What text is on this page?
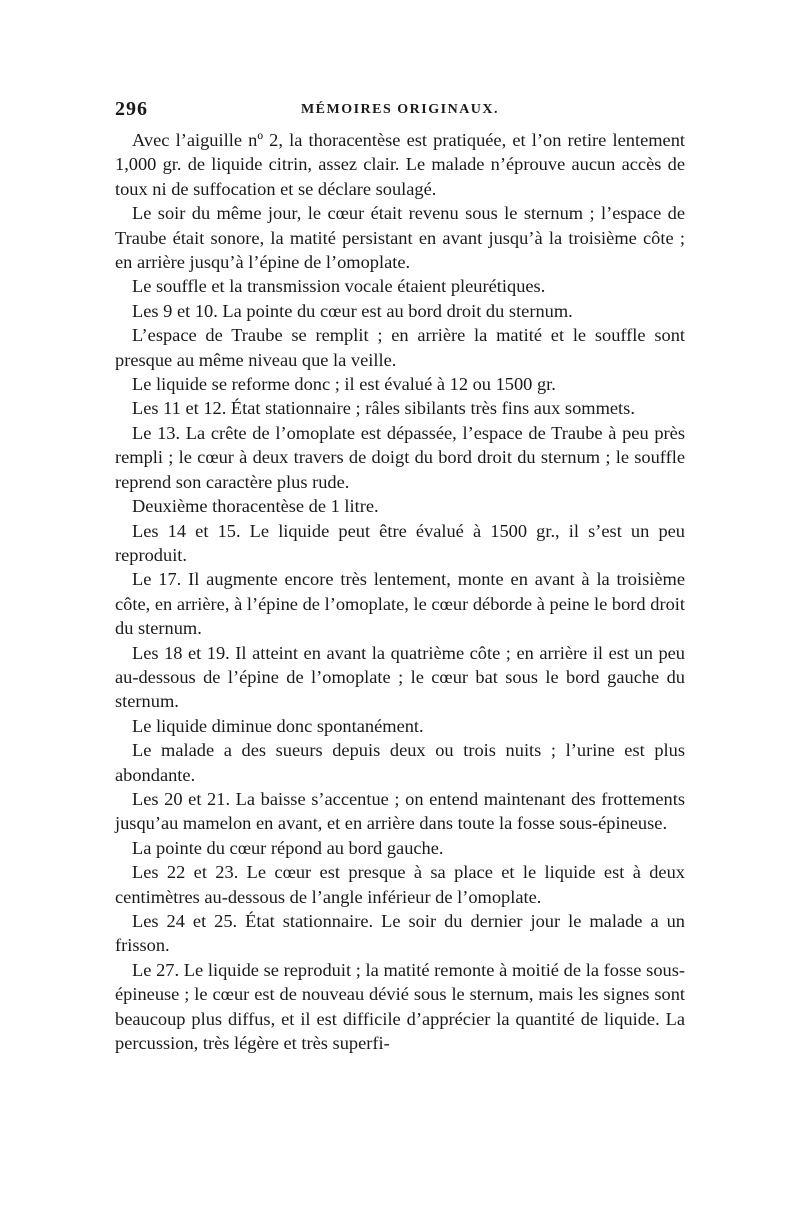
296	MÉMOIRES ORIGINAUX.

Avec l’aiguille nº 2, la thoracentèse est pratiquée, et l’on retire lentement 1,000 gr. de liquide citrin, assez clair. Le malade n’éprouve aucun accès de toux ni de suffocation et se déclare soulagé.

Le soir du même jour, le cœur était revenu sous le sternum ; l’espace de Traube était sonore, la matité persistant en avant jusqu’à la troisième côte ; en arrière jusqu’à l’épine de l’omoplate.

Le souffle et la transmission vocale étaient pleurétiques.

Les 9 et 10. La pointe du cœur est au bord droit du sternum.

L’espace de Traube se remplit ; en arrière la matité et le souffle sont presque au même niveau que la veille.

Le liquide se reforme donc ; il est évalué à 12 ou 1500 gr.

Les 11 et 12. État stationnaire ; râles sibilants très fins aux sommets.

Le 13. La crête de l’omoplate est dépassée, l’espace de Traube à peu près rempli ; le cœur à deux travers de doigt du bord droit du sternum ; le souffle reprend son caractère plus rude.

Deuxième thoracentèse de 1 litre.

Les 14 et 15. Le liquide peut être évalué à 1500 gr., il s’est un peu reproduit.

Le 17. Il augmente encore très lentement, monte en avant à la troisième côte, en arrière, à l’épine de l’omoplate, le cœur déborde à peine le bord droit du sternum.

Les 18 et 19. Il atteint en avant la quatrième côte ; en arrière il est un peu au-dessous de l’épine de l’omoplate ; le cœur bat sous le bord gauche du sternum.

Le liquide diminue donc spontanément.

Le malade a des sueurs depuis deux ou trois nuits ; l’urine est plus abondante.

Les 20 et 21. La baisse s’accentue ; on entend maintenant des frottements jusqu’au mamelon en avant, et en arrière dans toute la fosse sous-épineuse.

La pointe du cœur répond au bord gauche.

Les 22 et 23. Le cœur est presque à sa place et le liquide est à deux centimètres au-dessous de l’angle inférieur de l’omoplate.

Les 24 et 25. État stationnaire. Le soir du dernier jour le malade a un frisson.

Le 27. Le liquide se reproduit ; la matité remonte à moitié de la fosse sous-épineuse ; le cœur est de nouveau dévié sous le sternum, mais les signes sont beaucoup plus diffus, et il est difficile d’apprécier la quantité de liquide. La percussion, très légère et très superfi-
